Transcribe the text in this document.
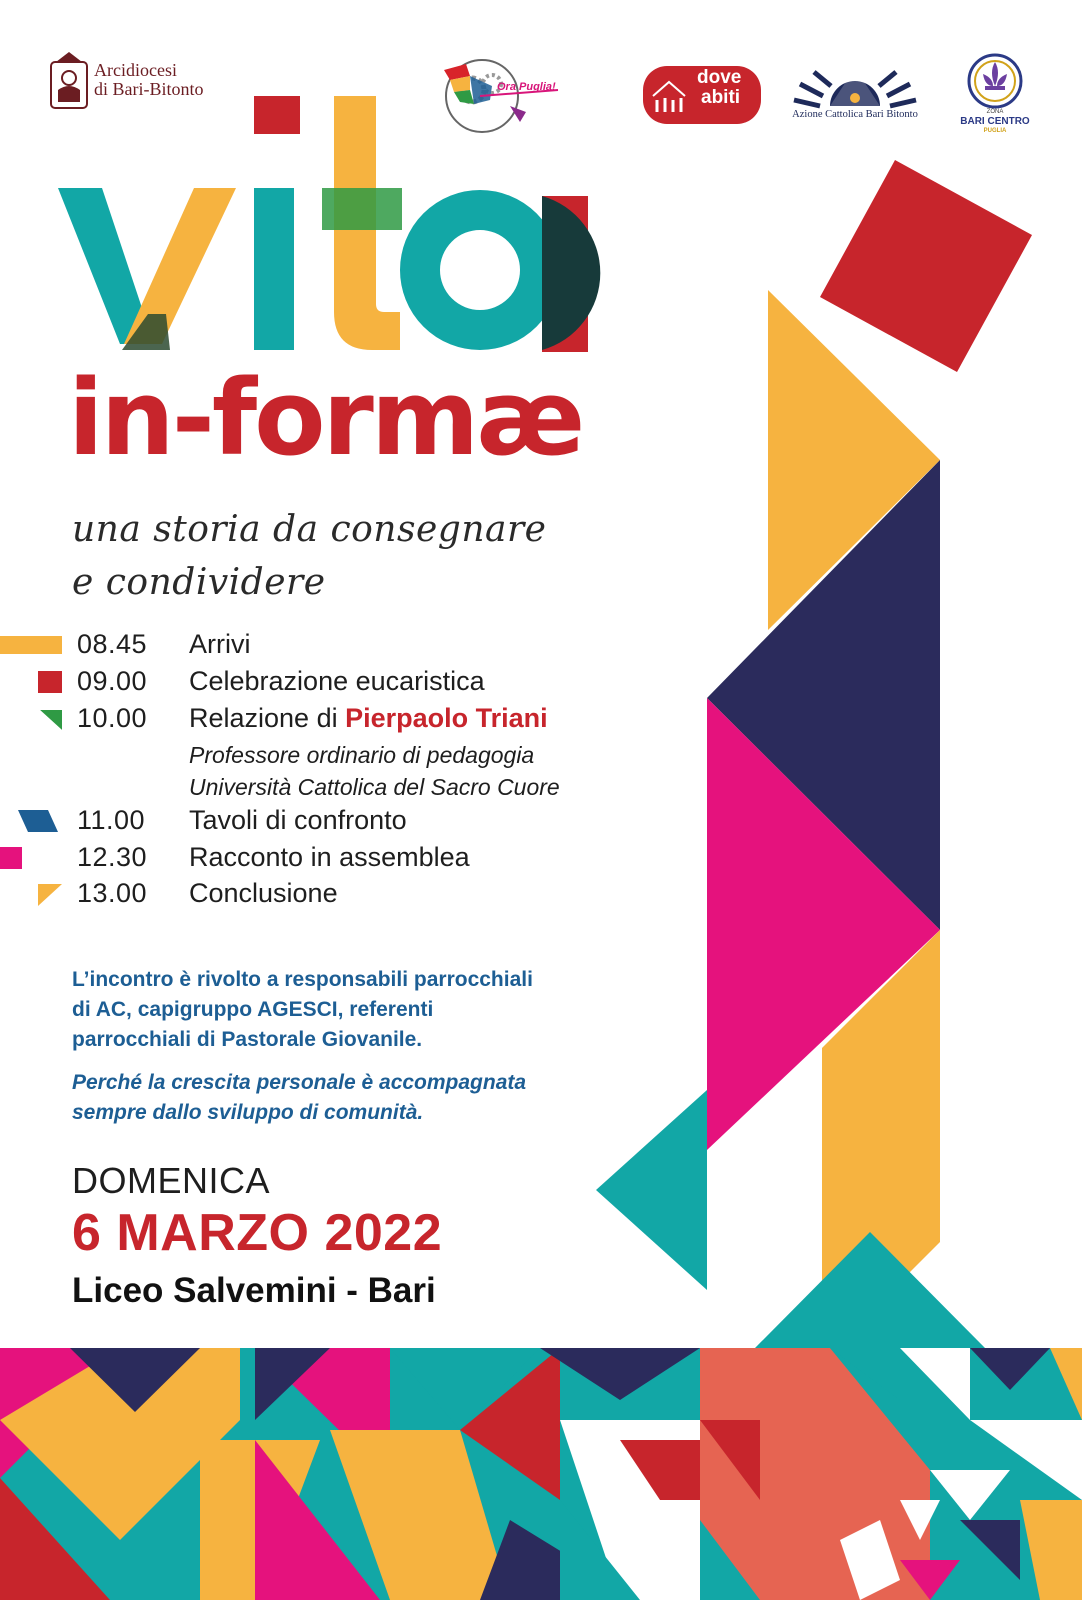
Arcidiocesi
di Bari-Bitonto	Ora Puglia!	dove
abiti
Azione Cattolica Bari Bitonto	ZONA
BARI CENTRO
PUGLIA
in-formæ
una storia da consegnare
e condividere
08.45 Arrivi
09.00 Celebrazione eucaristica
10.00 Relazione di Pierpaolo Triani
Professore ordinario di pedagogia
Università Cattolica del Sacro Cuore
11.00 Tavoli di confronto
12.30 Racconto in assemblea
13.00 Conclusione

L’incontro è rivolto a responsabili parrocchiali

di AC, capigruppo AGESCI, referenti

parrocchiali di Pastorale Giovanile.

Perché la crescita personale è accompagnata
sempre dallo sviluppo di comunità.
DOMENICA
6 MARZO 2022
Liceo Salvemini - Bari
